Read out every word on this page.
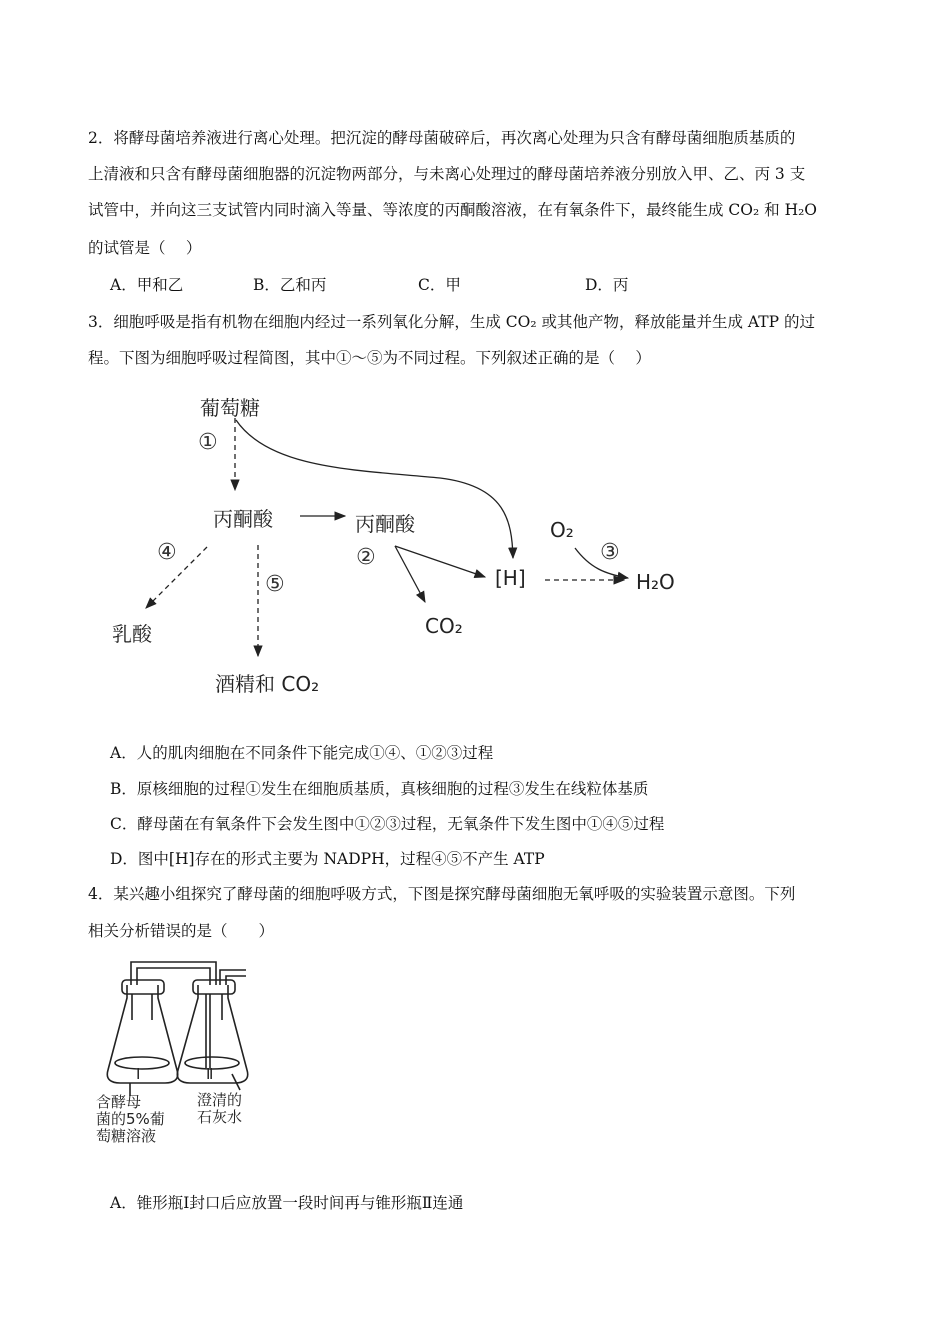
2．将酵母菌培养液进行离心处理。把沉淀的酵母菌破碎后，再次离心处理为只含有酵母菌细胞质基质的
上清液和只含有酵母菌细胞器的沉淀物两部分，与未离心处理过的酵母菌培养液分别放入甲、乙、丙 3 支
试管中，并向这三支试管内同时滴入等量、等浓度的丙酮酸溶液，在有氧条件下，最终能生成 CO₂ 和 H₂O
的试管是（　 ）
A．甲和乙	B．乙和丙	C．甲	D．丙
3．细胞呼吸是指有机物在细胞内经过一系列氧化分解，生成 CO₂ 或其他产物，释放能量并生成 ATP 的过
程。下图为细胞呼吸过程简图，其中①～⑤为不同过程。下列叙述正确的是（　 ）
葡萄糖
丙酮酸	丙酮酸
乳酸
酒精和 CO₂
CO₂
[H]
O₂
H₂O
①
②	③
④
⑤
A．人的肌肉细胞在不同条件下能完成①④、①②③过程
B．原核细胞的过程①发生在细胞质基质，真核细胞的过程③发生在线粒体基质
C．酵母菌在有氧条件下会发生图中①②③过程，无氧条件下发生图中①④⑤过程
D．图中[H]存在的形式主要为 NADPH，过程④⑤不产生 ATP
4．某兴趣小组探究了酵母菌的细胞呼吸方式，下图是探究酵母菌细胞无氧呼吸的实验装置示意图。下列
相关分析错误的是（　　）
Ⅰ	Ⅱ
含酵母
菌的5%葡
萄糖溶液
澄清的
石灰水
A．锥形瓶Ⅰ封口后应放置一段时间再与锥形瓶Ⅱ连通
